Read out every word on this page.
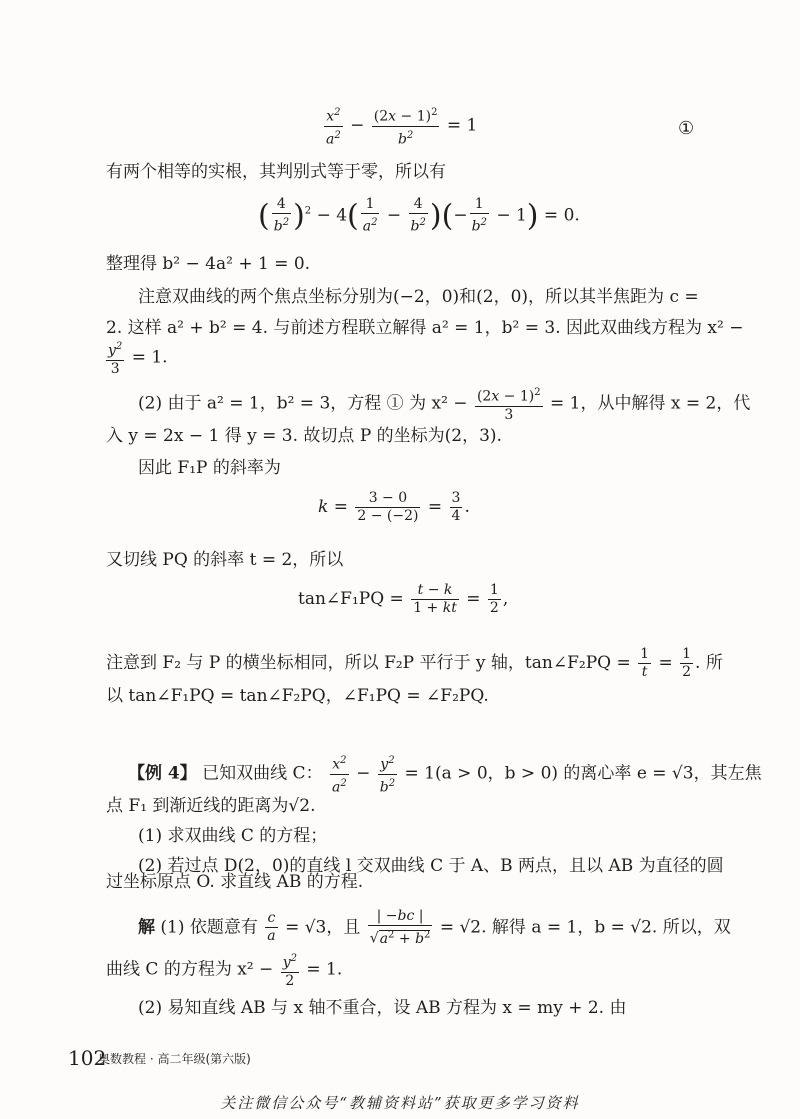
$\frac{x^2}{a^2} - \frac{(2x - 1)^2}{b^2} = 1$	①
有两个相等的实根，其判别式等于零，所以有
( $\frac{4}{b^2} )^2 - 4( \frac{1}{a^2} - \frac{4}{b^2}$ )(− $\frac{1}{b^2} - 1) = 0$.
整理得 b² − 4a² + 1 = 0.
注意双曲线的两个焦点坐标分别为(−2，0)和(2，0)，所以其半焦距为 c =
2. 这样 a² + b² = 4. 与前述方程联立解得 a² = 1，b² = 3. 因此双曲线方程为 x² −
$\frac{y^2}{3} = 1$.
(2) 由于 a² = 1，b² = 3，方程 ① 为 $x^2 - \frac{(2x - 1)^2}{3} = 1$，从中解得 x = 2，代
入 y = 2x − 1 得 y = 3. 故切点 P 的坐标为(2，3).
因此 F₁P 的斜率为
$k = \frac{3 - 0}{2 - (-2)} = \frac{3}{4}$ .
又切线 PQ 的斜率 t = 2，所以
tan∠F₁PQ = $\frac{t - k}{1 + kt} = \frac{1}{2}$ ,
注意到 F₂ 与 P 的横坐标相同，所以 F₂P 平行于 y 轴，tan∠F₂PQ = $\frac{1}{t} = \frac{1}{2}$ . 所
以 tan∠F₁PQ = tan∠F₂PQ，∠F₁PQ = ∠F₂PQ.
【例 4】 已知双曲线 C： $\frac{x^2}{a^2} - \frac{y^2}{b^2} = 1(a > 0$，b > 0) 的离心率 e = √3，其左焦
点 F₁ 到渐近线的距离为√2.
(1) 求双曲线 C 的方程；
(2) 若过点 D(2，0)的直线 l 交双曲线 C 于 A、B 两点，且以 AB 为直径的圆
过坐标原点 O. 求直线 AB 的方程.
解 (1) 依题意有 $\frac{c}{a} = √3$，且 $\frac{| -bc |}{√a^2 + b^2} = √2$. 解得 a = 1，b = √2. 所以，双
曲线 C 的方程为 $x^2 - \frac{y^2}{2} = 1$.
(2) 易知直线 AB 与 x 轴不重合，设 AB 方程为 x = my + 2. 由
102
奥数教程 · 高二年级(第六版)
关注微信公众号“教辅资料站”获取更多学习资料
